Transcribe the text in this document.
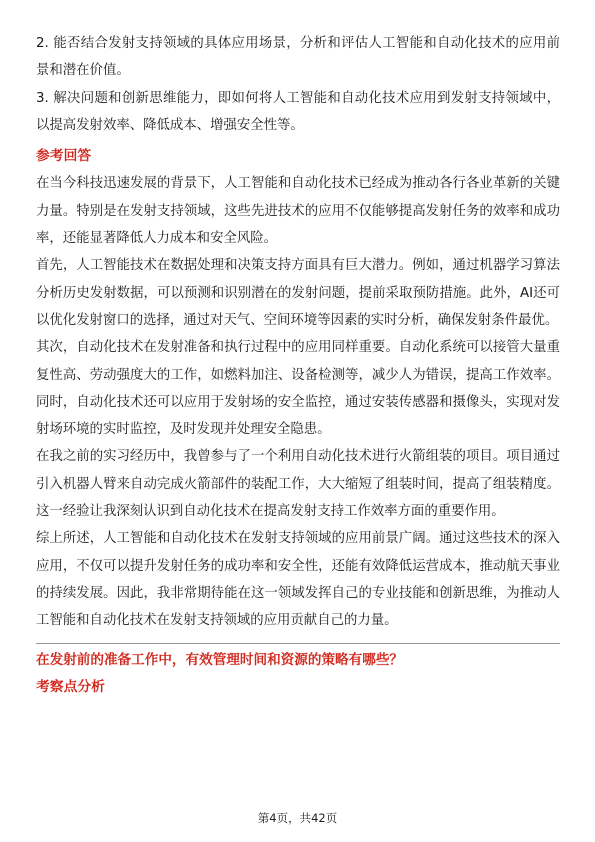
2. 能否结合发射支持领域的具体应用场景，分析和评估人工智能和自动化技术的应用前景和潜在价值。

3. 解决问题和创新思维能力，即如何将人工智能和自动化技术应用到发射支持领域中，以提高发射效率、降低成本、增强安全性等。

参考回答

在当今科技迅速发展的背景下，人工智能和自动化技术已经成为推动各行各业革新的关键力量。特别是在发射支持领域，这些先进技术的应用不仅能够提高发射任务的效率和成功率，还能显著降低人力成本和安全风险。

首先，人工智能技术在数据处理和决策支持方面具有巨大潜力。例如，通过机器学习算法分析历史发射数据，可以预测和识别潜在的发射问题，提前采取预防措施。此外，AI还可以优化发射窗口的选择，通过对天气、空间环境等因素的实时分析，确保发射条件最优。

其次，自动化技术在发射准备和执行过程中的应用同样重要。自动化系统可以接管大量重复性高、劳动强度大的工作，如燃料加注、设备检测等，减少人为错误，提高工作效率。同时，自动化技术还可以应用于发射场的安全监控，通过安装传感器和摄像头，实现对发射场环境的实时监控，及时发现并处理安全隐患。

在我之前的实习经历中，我曾参与了一个利用自动化技术进行火箭组装的项目。项目通过引入机器人臂来自动完成火箭部件的装配工作，大大缩短了组装时间，提高了组装精度。这一经验让我深刻认识到自动化技术在提高发射支持工作效率方面的重要作用。

综上所述，人工智能和自动化技术在发射支持领域的应用前景广阔。通过这些技术的深入应用，不仅可以提升发射任务的成功率和安全性，还能有效降低运营成本，推动航天事业的持续发展。因此，我非常期待能在这一领域发挥自己的专业技能和创新思维，为推动人工智能和自动化技术在发射支持领域的应用贡献自己的力量。

在发射前的准备工作中，有效管理时间和资源的策略有哪些？

考察点分析

第4页，共42页
